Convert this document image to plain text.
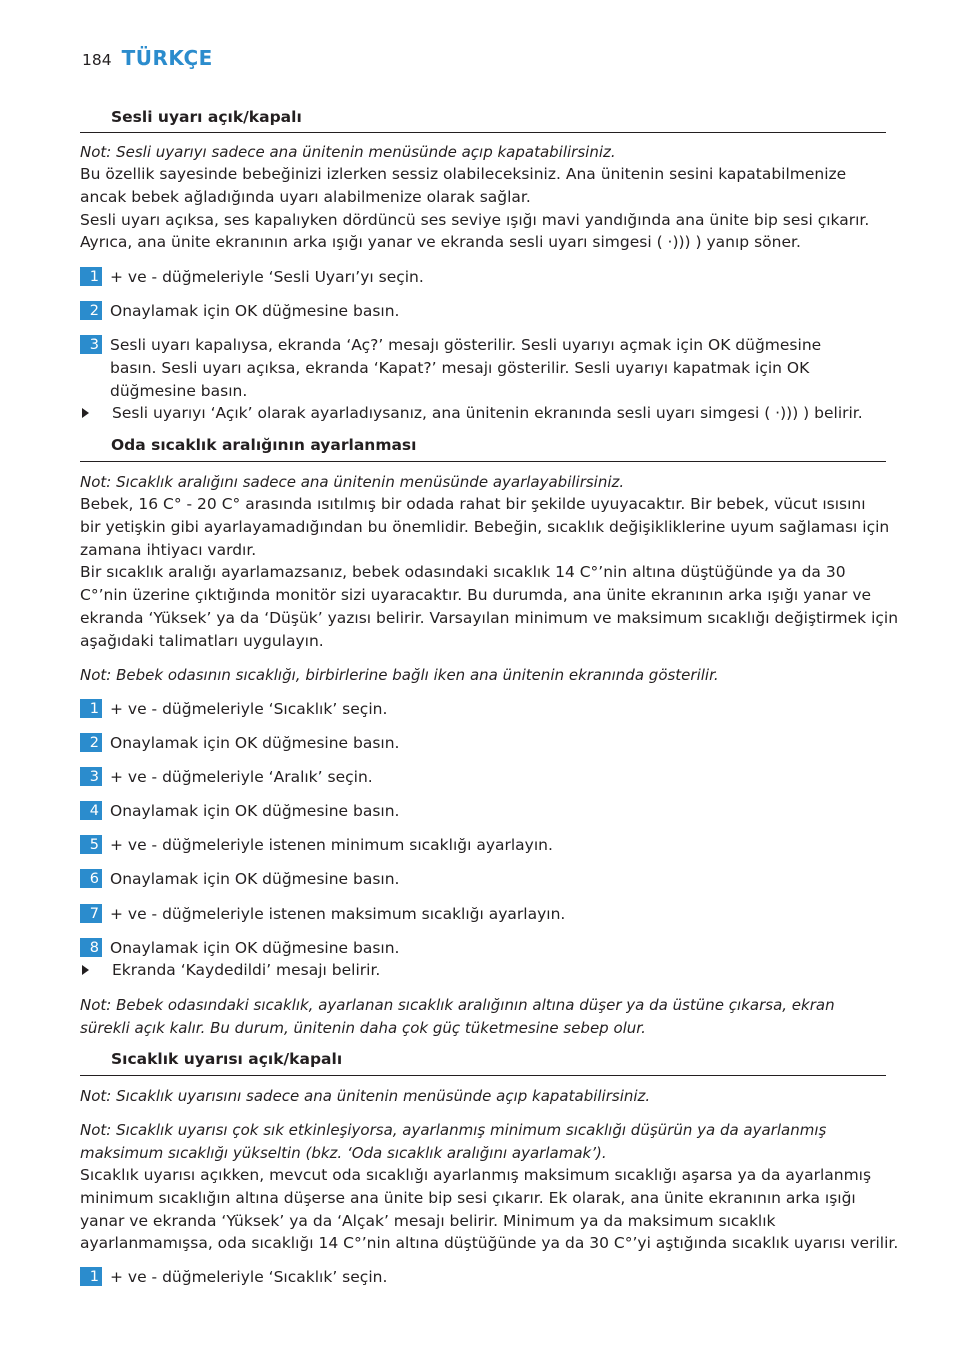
184 TÜRKÇE
Sesli uyarı açık/kapalı
Not: Sesli uyarıyı sadece ana ünitenin menüsünde açıp kapatabilirsiniz.
Bu özellik sayesinde bebeğinizi izlerken sessiz olabileceksiniz. Ana ünitenin sesini kapatabilmenize
ancak bebek ağladığında uyarı alabilmenize olarak sağlar.
Sesli uyarı açıksa, ses kapalıyken dördüncü ses seviye ışığı mavi yandığında ana ünite bip sesi çıkarır.
Ayrıca, ana ünite ekranının arka ışığı yanar ve ekranda sesli uyarı simgesi ( ·))) ) yanıp söner.
1 + ve - düğmeleriyle ‘Sesli Uyarı’yı seçin.
2 Onaylamak için OK düğmesine basın.
3 Sesli uyarı kapalıysa, ekranda ‘Aç?’ mesajı gösterilir. Sesli uyarıyı açmak için OK düğmesine
basın. Sesli uyarı açıksa, ekranda ‘Kapat?’ mesajı gösterilir. Sesli uyarıyı kapatmak için OK
düğmesine basın.
Sesli uyarıyı ‘Açık’ olarak ayarladıysanız, ana ünitenin ekranında sesli uyarı simgesi ( ·))) ) belirir.
Oda sıcaklık aralığının ayarlanması
Not: Sıcaklık aralığını sadece ana ünitenin menüsünde ayarlayabilirsiniz.
Bebek, 16 C° - 20 C° arasında ısıtılmış bir odada rahat bir şekilde uyuyacaktır. Bir bebek, vücut ısısını
bir yetişkin gibi ayarlayamadığından bu önemlidir. Bebeğin, sıcaklık değişikliklerine uyum sağlaması için
zamana ihtiyacı vardır.
Bir sıcaklık aralığı ayarlamazsanız, bebek odasındaki sıcaklık 14 C°’nin altına düştüğünde ya da 30
C°’nin üzerine çıktığında monitör sizi uyaracaktır. Bu durumda, ana ünite ekranının arka ışığı yanar ve
ekranda ‘Yüksek’ ya da ‘Düşük’ yazısı belirir. Varsayılan minimum ve maksimum sıcaklığı değiştirmek için
aşağıdaki talimatları uygulayın.
Not: Bebek odasının sıcaklığı, birbirlerine bağlı iken ana ünitenin ekranında gösterilir.
1 + ve - düğmeleriyle ‘Sıcaklık’ seçin.
2 Onaylamak için OK düğmesine basın.
3 + ve - düğmeleriyle ‘Aralık’ seçin.
4 Onaylamak için OK düğmesine basın.
5 + ve - düğmeleriyle istenen minimum sıcaklığı ayarlayın.
6 Onaylamak için OK düğmesine basın.
7 + ve - düğmeleriyle istenen maksimum sıcaklığı ayarlayın.
8 Onaylamak için OK düğmesine basın.
Ekranda ‘Kaydedildi’ mesajı belirir.
Not: Bebek odasındaki sıcaklık, ayarlanan sıcaklık aralığının altına düşer ya da üstüne çıkarsa, ekran
sürekli açık kalır. Bu durum, ünitenin daha çok güç tüketmesine sebep olur.
Sıcaklık uyarısı açık/kapalı
Not: Sıcaklık uyarısını sadece ana ünitenin menüsünde açıp kapatabilirsiniz.
Not: Sıcaklık uyarısı çok sık etkinleşiyorsa, ayarlanmış minimum sıcaklığı düşürün ya da ayarlanmış
maksimum sıcaklığı yükseltin (bkz. ‘Oda sıcaklık aralığını ayarlamak’).
Sıcaklık uyarısı açıkken, mevcut oda sıcaklığı ayarlanmış maksimum sıcaklığı aşarsa ya da ayarlanmış
minimum sıcaklığın altına düşerse ana ünite bip sesi çıkarır. Ek olarak, ana ünite ekranının arka ışığı
yanar ve ekranda ‘Yüksek’ ya da ‘Alçak’ mesajı belirir. Minimum ya da maksimum sıcaklık
ayarlanmamışsa, oda sıcaklığı 14 C°’nin altına düştüğünde ya da 30 C°’yi aştığında sıcaklık uyarısı verilir.
1 + ve - düğmeleriyle ‘Sıcaklık’ seçin.
